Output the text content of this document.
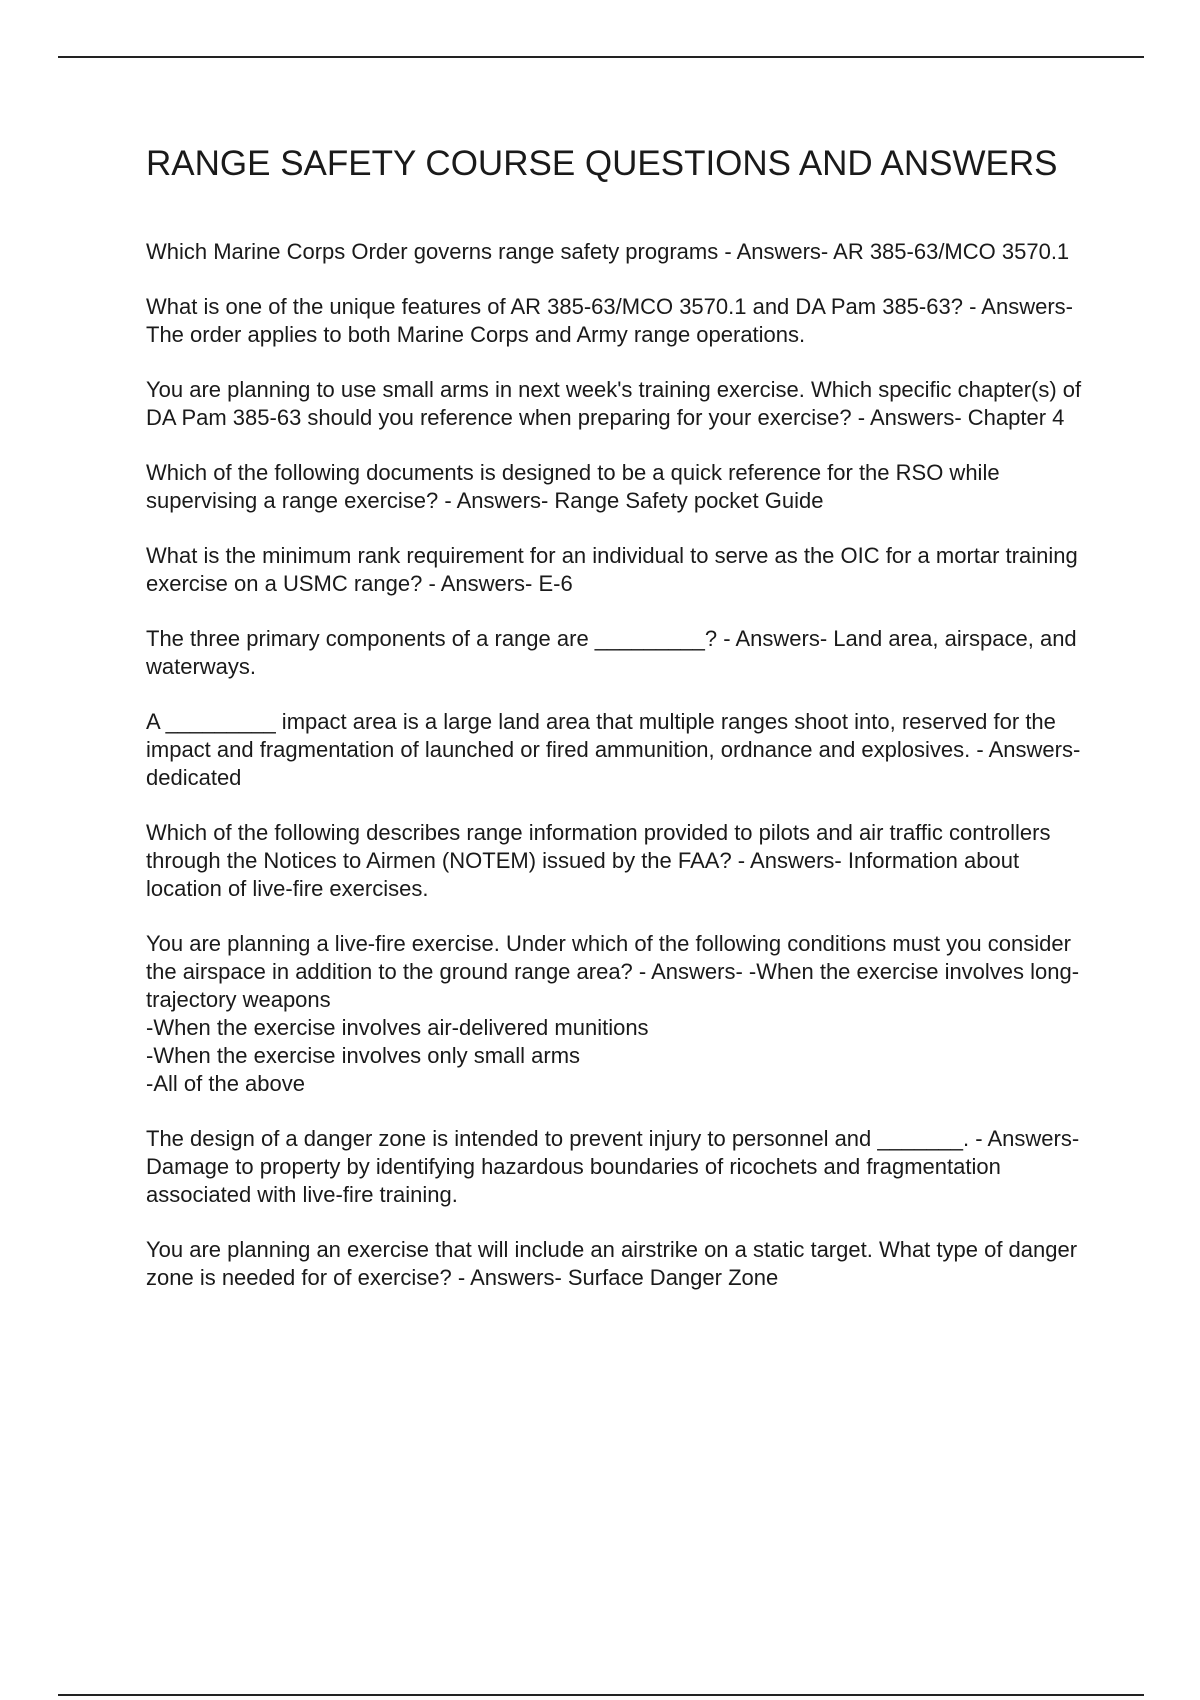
RANGE SAFETY COURSE QUESTIONS AND ANSWERS

Which Marine Corps Order governs range safety programs - Answers- AR 385-63/MCO 3570.1

What is one of the unique features of AR 385-63/MCO 3570.1 and DA Pam 385-63? - Answers- The order applies to both Marine Corps and Army range operations.

You are planning to use small arms in next week's training exercise. Which specific chapter(s) of DA Pam 385-63 should you reference when preparing for your exercise? - Answers- Chapter 4

Which of the following documents is designed to be a quick reference for the RSO while supervising a range exercise? - Answers- Range Safety pocket Guide

What is the minimum rank requirement for an individual to serve as the OIC for a mortar training exercise on a USMC range? - Answers- E-6

The three primary components of a range are _________? - Answers- Land area, airspace, and waterways.

A _________ impact area is a large land area that multiple ranges shoot into, reserved for the impact and fragmentation of launched or fired ammunition, ordnance and explosives. - Answers- dedicated

Which of the following describes range information provided to pilots and air traffic controllers through the Notices to Airmen (NOTEM) issued by the FAA? - Answers- Information about location of live-fire exercises.

You are planning a live-fire exercise. Under which of the following conditions must you consider the airspace in addition to the ground range area? - Answers- -When the exercise involves long-trajectory weapons
-When the exercise involves air-delivered munitions
-When the exercise involves only small arms
-All of the above

The design of a danger zone is intended to prevent injury to personnel and _______. - Answers- Damage to property by identifying hazardous boundaries of ricochets and fragmentation associated with live-fire training.

You are planning an exercise that will include an airstrike on a static target. What type of danger zone is needed for of exercise? - Answers- Surface Danger Zone
